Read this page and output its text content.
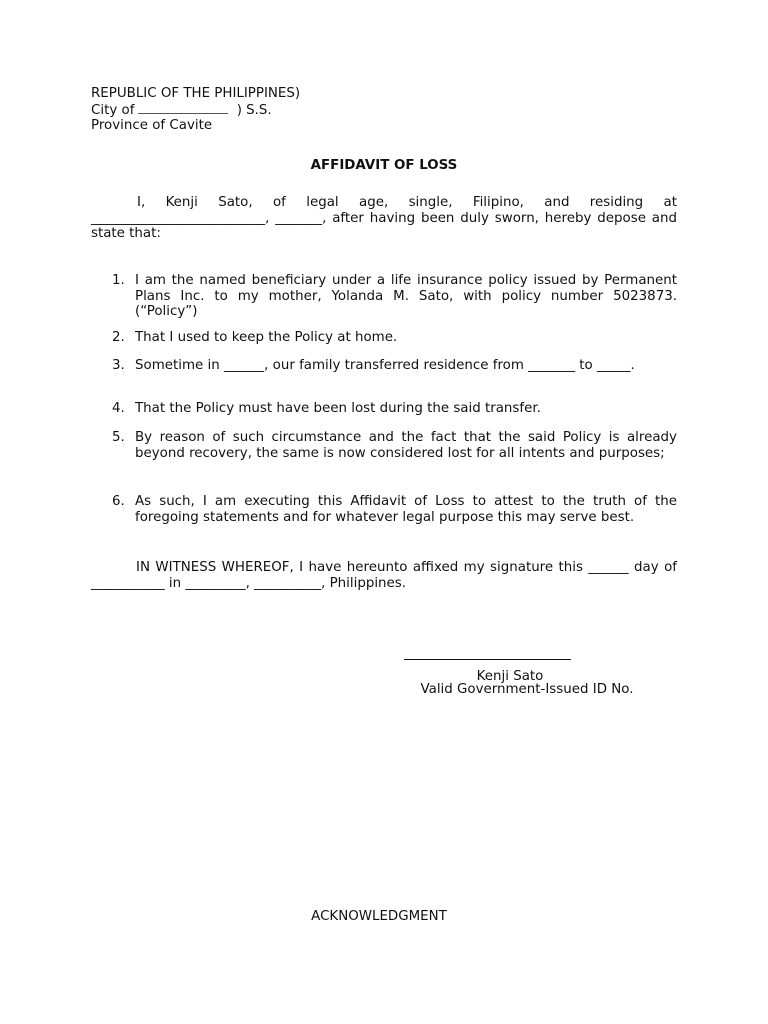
REPUBLIC OF THE PHILIPPINES)
City of	) S.S.
Province of Cavite
AFFIDAVIT OF LOSS
I, Kenji Sato, of legal age, single, Filipino, and residing at __________________________, _______, after having been duly sworn, hereby depose and state that:
1. I am the named beneficiary under a life insurance policy issued by Permanent Plans Inc. to my mother, Yolanda M. Sato, with policy number 5023873. (“Policy”)
2. That I used to keep the Policy at home.
3. Sometime in ______, our family transferred residence from _______ to _____.
4. That the Policy must have been lost during the said transfer.
5. By reason of such circumstance and the fact that the said Policy is already beyond recovery, the same is now considered lost for all intents and purposes;
6. As such, I am executing this Affidavit of Loss to attest to the truth of the foregoing statements and for whatever legal purpose this may serve best.
IN WITNESS WHEREOF, I have hereunto affixed my signature this ______ day of ___________ in _________, __________, Philippines.
Kenji Sato
Valid Government-Issued ID No.
ACKNOWLEDGMENT
